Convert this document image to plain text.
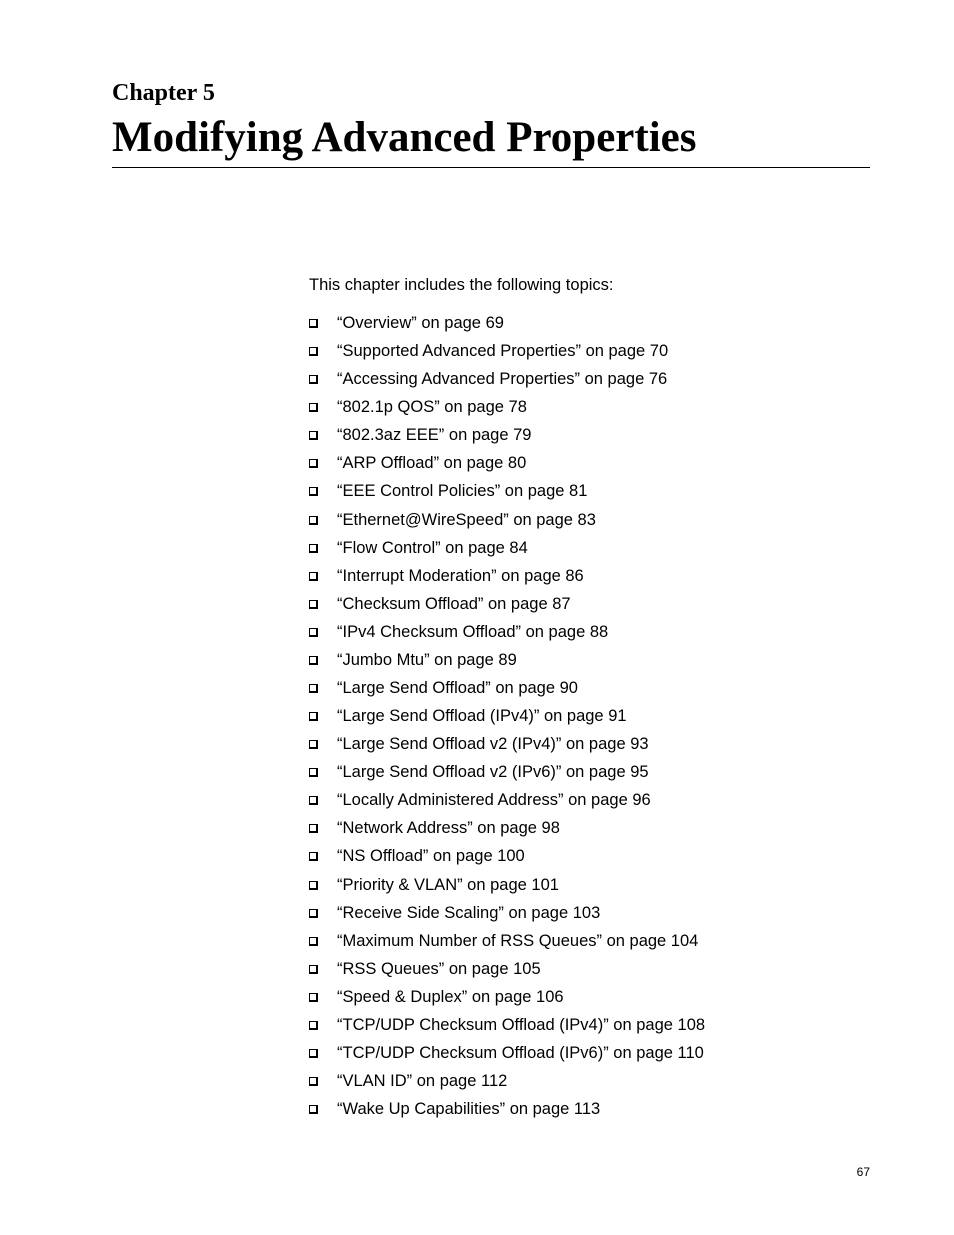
Chapter 5
Modifying Advanced Properties

This chapter includes the following topics:

“Overview” on page 69
“Supported Advanced Properties” on page 70
“Accessing Advanced Properties” on page 76
“802.1p QOS” on page 78
“802.3az EEE” on page 79
“ARP Offload” on page 80
“EEE Control Policies” on page 81
“Ethernet@WireSpeed” on page 83
“Flow Control” on page 84
“Interrupt Moderation” on page 86
“Checksum Offload” on page 87
“IPv4 Checksum Offload” on page 88
“Jumbo Mtu” on page 89
“Large Send Offload” on page 90
“Large Send Offload (IPv4)” on page 91
“Large Send Offload v2 (IPv4)” on page 93
“Large Send Offload v2 (IPv6)” on page 95
“Locally Administered Address” on page 96
“Network Address” on page 98
“NS Offload” on page 100
“Priority & VLAN” on page 101
“Receive Side Scaling” on page 103
“Maximum Number of RSS Queues” on page 104
“RSS Queues” on page 105
“Speed & Duplex” on page 106
“TCP/UDP Checksum Offload (IPv4)” on page 108
“TCP/UDP Checksum Offload (IPv6)” on page 110
“VLAN ID” on page 112
“Wake Up Capabilities” on page 113

67
